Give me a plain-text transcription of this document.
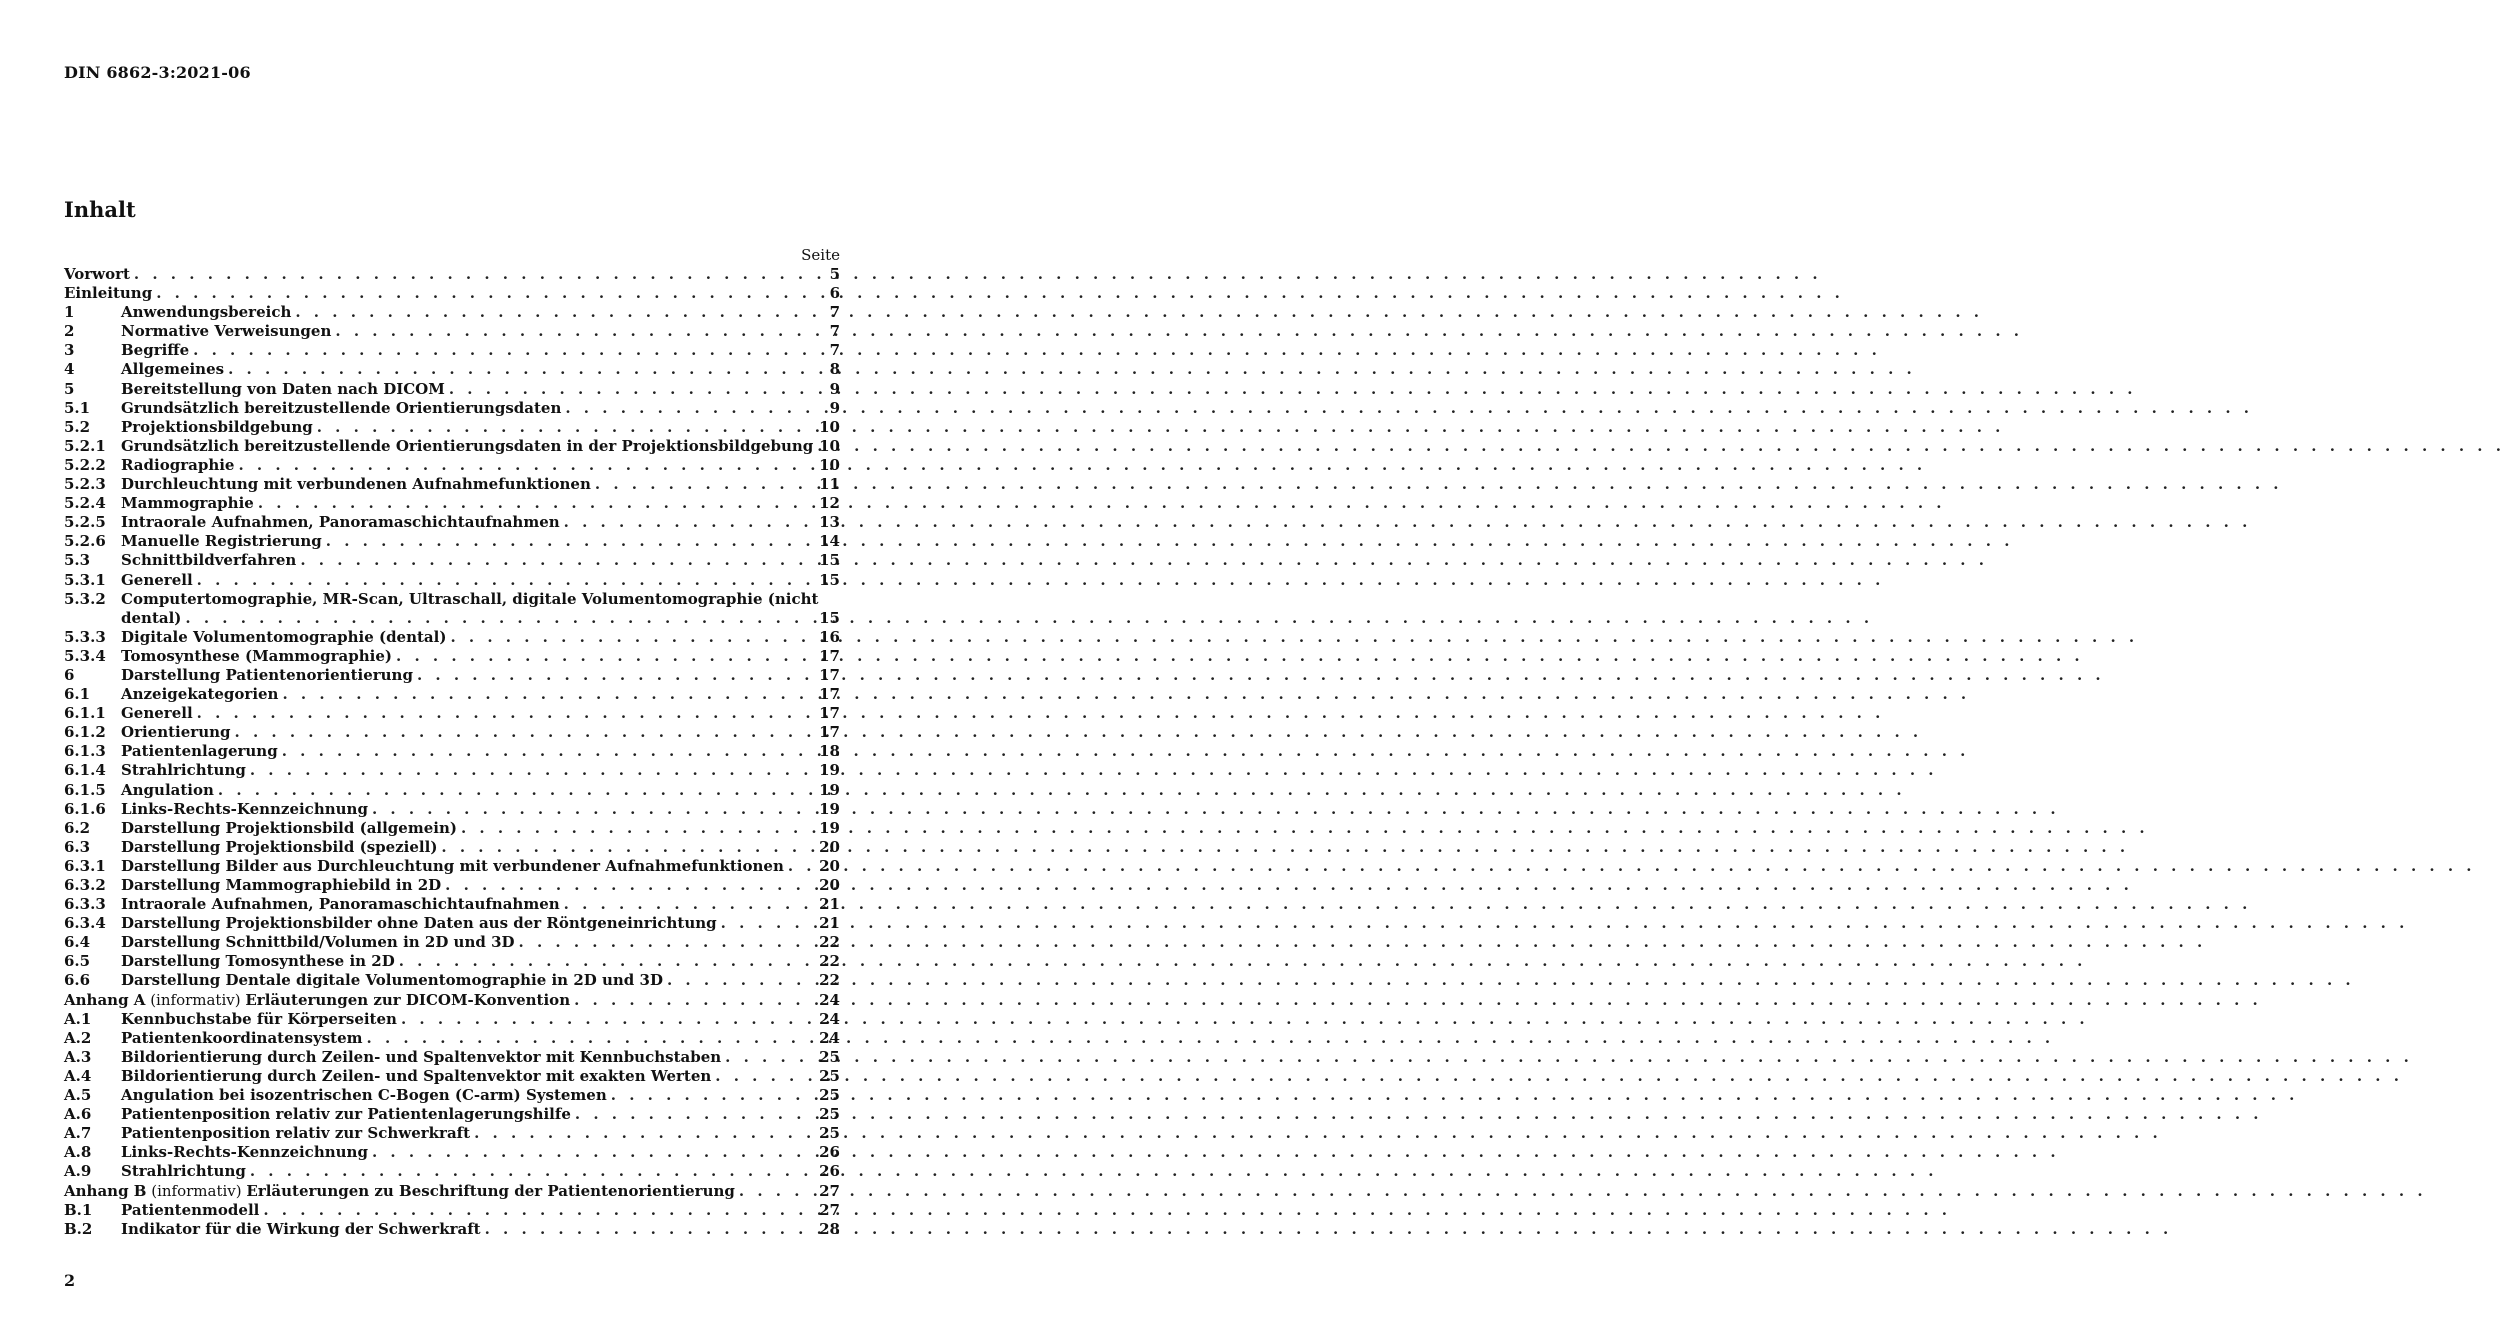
DIN 6862-3:2021-06
Inhalt
Seite
Vorwort . . .	5
Einleitung . . .	6
1	Anwendungsbereich . . .	7
2	Normative Verweisungen . . .	7
3	Begriffe . . .	7
4	Allgemeines . . .	8
5	Bereitstellung von Daten nach DICOM . . .	9
5.1 Grundsätzlich bereitzustellende Orientierungsdaten . . .	9
5.2 Projektionsbildgebung . . .	10
5.2.1 Grundsätzlich bereitzustellende Orientierungsdaten in der Projektionsbildgebung . . . 10
5.2.2 Radiographie . . .	10
5.2.3 Durchleuchtung mit verbundenen Aufnahmefunktionen . . .	11
5.2.4 Mammographie . . .	12
5.2.5 Intraorale Aufnahmen, Panoramaschichtaufnahmen . . .	13
5.2.6 Manuelle Registrierung . . .	14
5.3 Schnittbildverfahren . . .	15
5.3.1 Generell . . .	15
5.3.2 Computertomographie, MR-Scan, Ultraschall, digitale Volumentomographie (nicht
dental) . . .	15
5.3.3 Digitale Volumentomographie (dental) . . .	16
5.3.4 Tomosynthese (Mammographie) . . .	17
6	Darstellung Patientenorientierung . . .	17
6.1 Anzeigekategorien . . .	17
6.1.1 Generell . . .	17
6.1.2 Orientierung . . .	17
6.1.3 Patientenlagerung . . .	18
6.1.4 Strahlrichtung . . .	19
6.1.5 Angulation . . .	19
6.1.6 Links-Rechts-Kennzeichnung . . .	19
6.2 Darstellung Projektionsbild (allgemein) . . .	19
6.3 Darstellung Projektionsbild (speziell) . . .	20
6.3.1 Darstellung Bilder aus Durchleuchtung mit verbundener Aufnahmefunktionen . . . 20
6.3.2 Darstellung Mammographiebild in 2D . . .	20
6.3.3 Intraorale Aufnahmen, Panoramaschichtaufnahmen . . .	21
6.3.4 Darstellung Projektionsbilder ohne Daten aus der Röntgeneinrichtung . . .	21
6.4 Darstellung Schnittbild/Volumen in 2D und 3D . . .	22
6.5 Darstellung Tomosynthese in 2D . . .	22
6.6 Darstellung Dentale digitale Volumentomographie in 2D und 3D . . .	22
Anhang A (informativ) Erläuterungen zur DICOM-Konvention . . .	24
A.1 Kennbuchstabe für Körperseiten . . .	24
A.2 Patientenkoordinatensystem . . .	24
A.3 Bildorientierung durch Zeilen- und Spaltenvektor mit Kennbuchstaben . . .	25
A.4 Bildorientierung durch Zeilen- und Spaltenvektor mit exakten Werten . . .	25
A.5 Angulation bei isozentrischen C-Bogen (C-arm) Systemen . . .	25
A.6 Patientenposition relativ zur Patientenlagerungshilfe . . .	25
A.7 Patientenposition relativ zur Schwerkraft . . .	25
A.8 Links-Rechts-Kennzeichnung . . .	26
A.9 Strahlrichtung . . .	26
Anhang B (informativ) Erläuterungen zu Beschriftung der Patientenorientierung . . .	27
B.1 Patientenmodell . . .	27
B.2 Indikator für die Wirkung der Schwerkraft . . .	28
2
